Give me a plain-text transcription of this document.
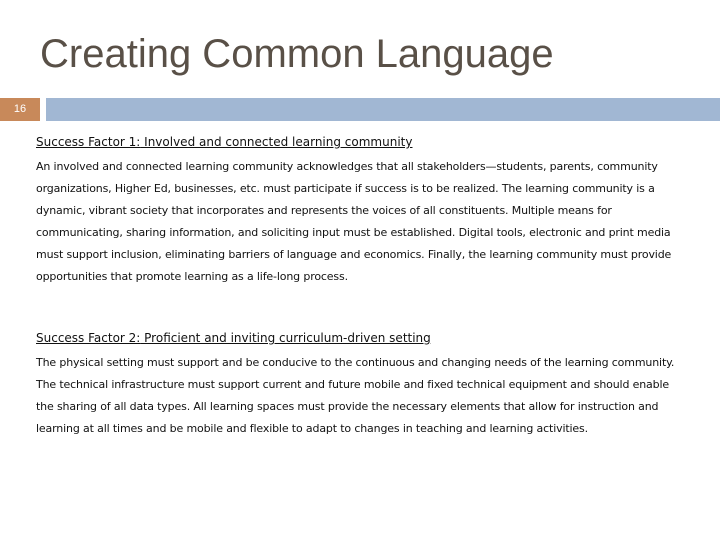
Creating Common Language
16

Success Factor 1: Involved and connected learning community

An involved and connected learning community acknowledges that all stakeholders—students, parents, community organizations, Higher Ed, businesses, etc. must participate if success is to be realized. The learning community is a dynamic, vibrant society that incorporates and represents the voices of all constituents. Multiple means for communicating, sharing information, and soliciting input must be established. Digital tools, electronic and print media must support inclusion, eliminating barriers of language and economics. Finally, the learning community must provide opportunities that promote learning as a life-long process.

Success Factor 2: Proficient and inviting curriculum-driven setting

The physical setting must support and be conducive to the continuous and changing needs of the learning community. The technical infrastructure must support current and future mobile and fixed technical equipment and should enable the sharing of all data types. All learning spaces must provide the necessary elements that allow for instruction and learning at all times and be mobile and flexible to adapt to changes in teaching and learning activities.
